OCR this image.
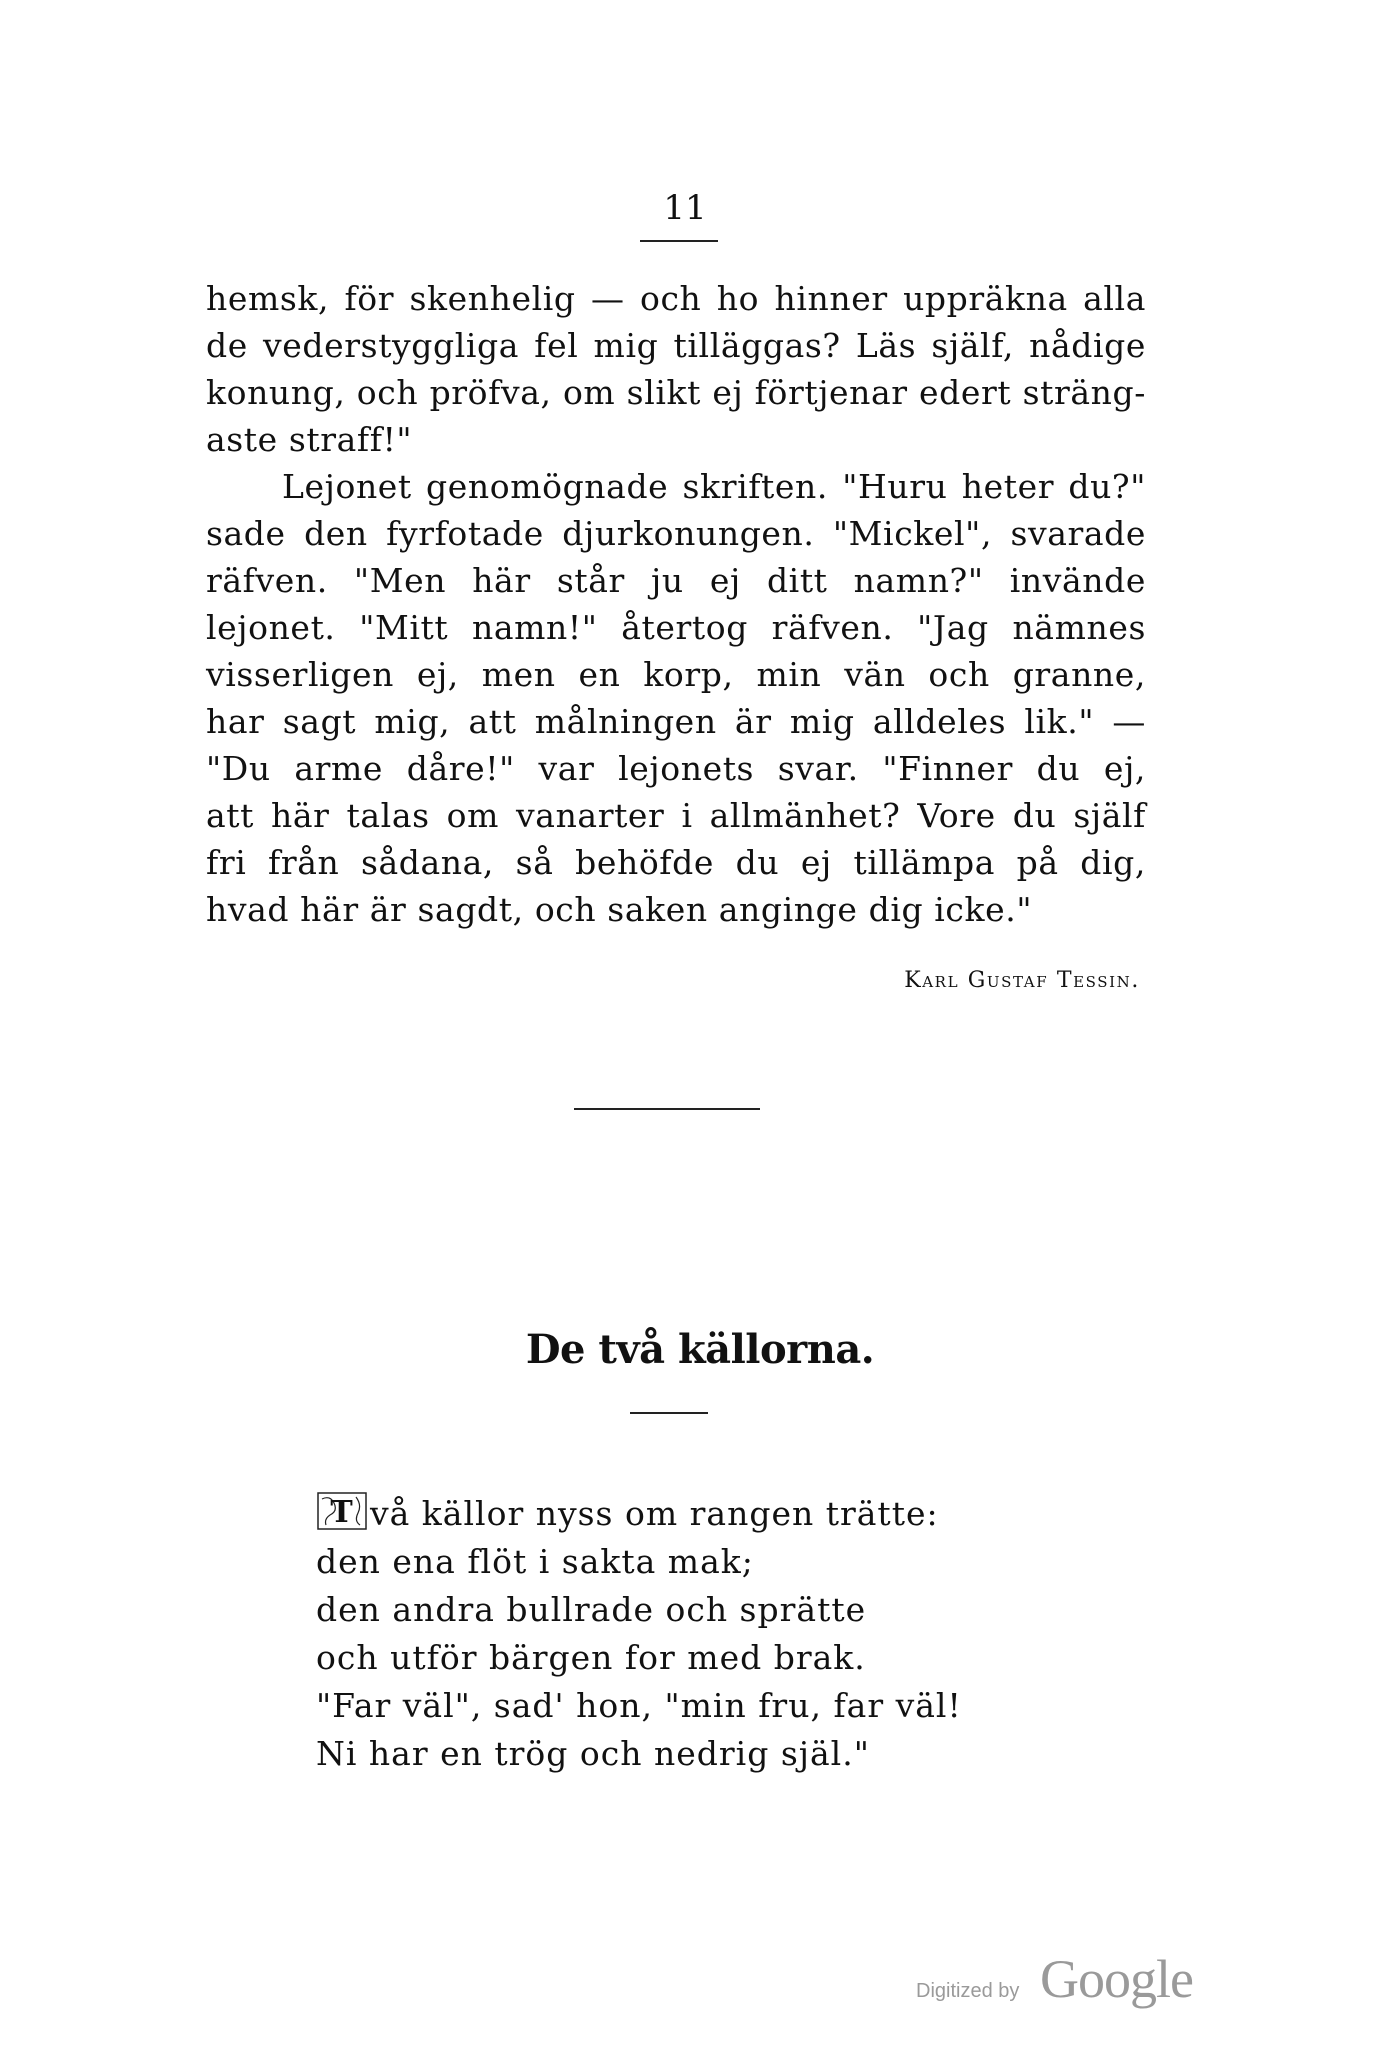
11
hemsk, för skenhelig — och ho hinner uppräkna alla
de vederstyggliga fel mig tilläggas? Läs själf, nådige
konung, och pröfva, om slikt ej förtjenar edert sträng-
aste straff!"
Lejonet genomögnade skriften. "Huru heter du?"
sade den fyrfotade djurkonungen. "Mickel", svarade
räfven. "Men här står ju ej ditt namn?" invände
lejonet. "Mitt namn!" återtog räfven. "Jag nämnes
visserligen ej, men en korp, min vän och granne,
har sagt mig, att målningen är mig alldeles lik." —
"Du arme dåre!" var lejonets svar. "Finner du ej,
att här talas om vanarter i allmänhet? Vore du själf
fri från sådana, så behöfde du ej tillämpa på dig,
hvad här är sagdt, och saken anginge dig icke."
Karl Gustaf Tessin.
De två källorna.
T vå källor nyss om rangen trätte:
den ena flöt i sakta mak;
den andra bullrade och sprätte
och utför bärgen for med brak.
"Far väl", sad' hon, "min fru, far väl!
Ni har en trög och nedrig själ."
Digitized by Google
